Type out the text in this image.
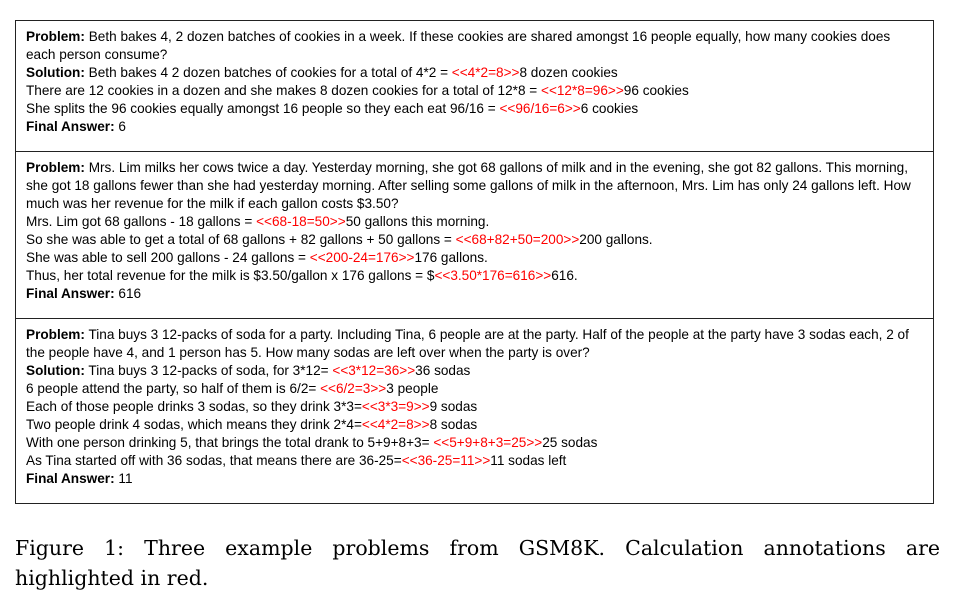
Problem: Beth bakes 4, 2 dozen batches of cookies in a week. If these cookies are shared amongst 16 people equally, how many cookies does each person consume?
Solution: Beth bakes 4 2 dozen batches of cookies for a total of 4*2 = <<4*2=8>>8 dozen cookies
There are 12 cookies in a dozen and she makes 8 dozen cookies for a total of 12*8 = <<12*8=96>>96 cookies
She splits the 96 cookies equally amongst 16 people so they each eat 96/16 = <<96/16=6>>6 cookies
Final Answer: 6
Problem: Mrs. Lim milks her cows twice a day. Yesterday morning, she got 68 gallons of milk and in the evening, she got 82 gallons. This morning, she got 18 gallons fewer than she had yesterday morning. After selling some gallons of milk in the afternoon, Mrs. Lim has only 24 gallons left. How much was her revenue for the milk if each gallon costs $3.50?
Mrs. Lim got 68 gallons - 18 gallons = <<68-18=50>>50 gallons this morning.
So she was able to get a total of 68 gallons + 82 gallons + 50 gallons = <<68+82+50=200>>200 gallons.
She was able to sell 200 gallons - 24 gallons = <<200-24=176>>176 gallons.
Thus, her total revenue for the milk is $3.50/gallon x 176 gallons = $<<3.50*176=616>>616.
Final Answer: 616
Problem: Tina buys 3 12-packs of soda for a party. Including Tina, 6 people are at the party. Half of the people at the party have 3 sodas each, 2 of the people have 4, and 1 person has 5. How many sodas are left over when the party is over?
Solution: Tina buys 3 12-packs of soda, for 3*12= <<3*12=36>>36 sodas
6 people attend the party, so half of them is 6/2= <<6/2=3>>3 people
Each of those people drinks 3 sodas, so they drink 3*3=<<3*3=9>>9 sodas
Two people drink 4 sodas, which means they drink 2*4=<<4*2=8>>8 sodas
With one person drinking 5, that brings the total drank to 5+9+8+3= <<5+9+8+3=25>>25 sodas
As Tina started off with 36 sodas, that means there are 36-25=<<36-25=11>>11 sodas left
Final Answer: 11
Figure 1: Three example problems from GSM8K. Calculation annotations are highlighted in red.
